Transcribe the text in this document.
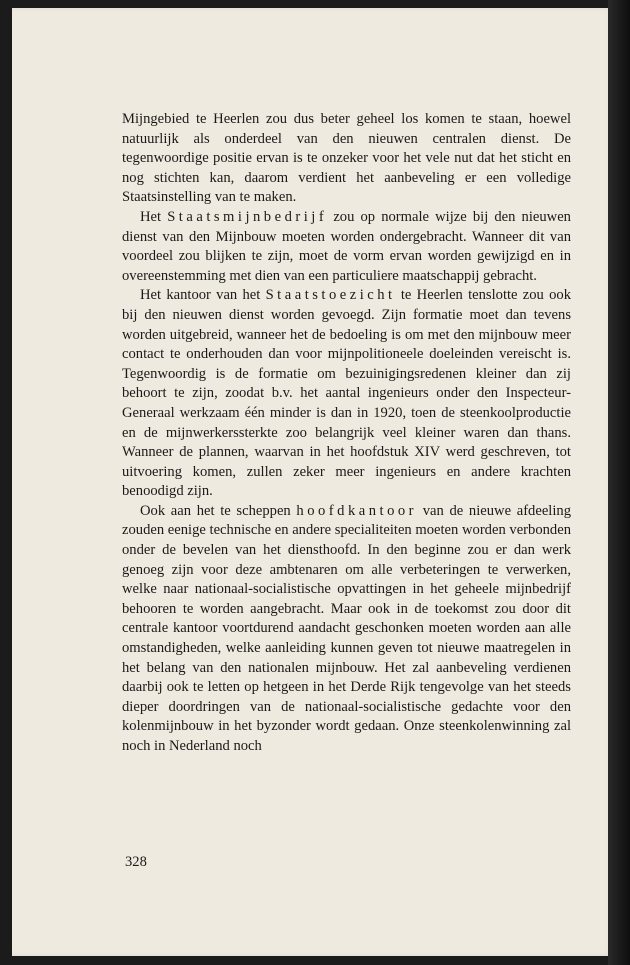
Mijngebied te Heerlen zou dus beter geheel los komen te staan, hoewel natuurlijk als onderdeel van den nieuwen centralen dienst. De tegenwoordige positie ervan is te onzeker voor het vele nut dat het sticht en nog stichten kan, daarom verdient het aanbeveling er een volledige Staatsinstelling van te maken.

Het Staatsmijnbedrijf zou op normale wijze bij den nieuwen dienst van den Mijnbouw moeten worden ondergebracht. Wanneer dit van voordeel zou blijken te zijn, moet de vorm ervan worden gewijzigd en in overeenstemming met dien van een particuliere maatschappij gebracht.

Het kantoor van het Staatstoezicht te Heerlen tenslotte zou ook bij den nieuwen dienst worden gevoegd. Zijn formatie moet dan tevens worden uitgebreid, wanneer het de bedoeling is om met den mijnbouw meer contact te onderhouden dan voor mijnpolitioneele doeleinden vereischt is. Tegenwoordig is de formatie om bezuinigingsredenen kleiner dan zij behoort te zijn, zoodat b.v. het aantal ingenieurs onder den Inspecteur-Generaal werkzaam één minder is dan in 1920, toen de steenkoolproductie en de mijnwerkerssterkte zoo belangrijk veel kleiner waren dan thans. Wanneer de plannen, waarvan in het hoofdstuk XIV werd geschreven, tot uitvoering komen, zullen zeker meer ingenieurs en andere krachten benoodigd zijn.

Ook aan het te scheppen hoofdkantoor van de nieuwe afdeeling zouden eenige technische en andere specialiteiten moeten worden verbonden onder de bevelen van het diensthoofd. In den beginne zou er dan werk genoeg zijn voor deze ambtenaren om alle verbeteringen te verwerken, welke naar nationaal-socialistische opvattingen in het geheele mijnbedrijf behooren te worden aangebracht. Maar ook in de toekomst zou door dit centrale kantoor voortdurend aandacht geschonken moeten worden aan alle omstandigheden, welke aanleiding kunnen geven tot nieuwe maatregelen in het belang van den nationalen mijnbouw. Het zal aanbeveling verdienen daarbij ook te letten op hetgeen in het Derde Rijk tengevolge van het steeds dieper doordringen van de nationaal-socialistische gedachte voor den kolenmijnbouw in het byzonder wordt gedaan. Onze steenkolenwinning zal noch in Nederland noch

328
